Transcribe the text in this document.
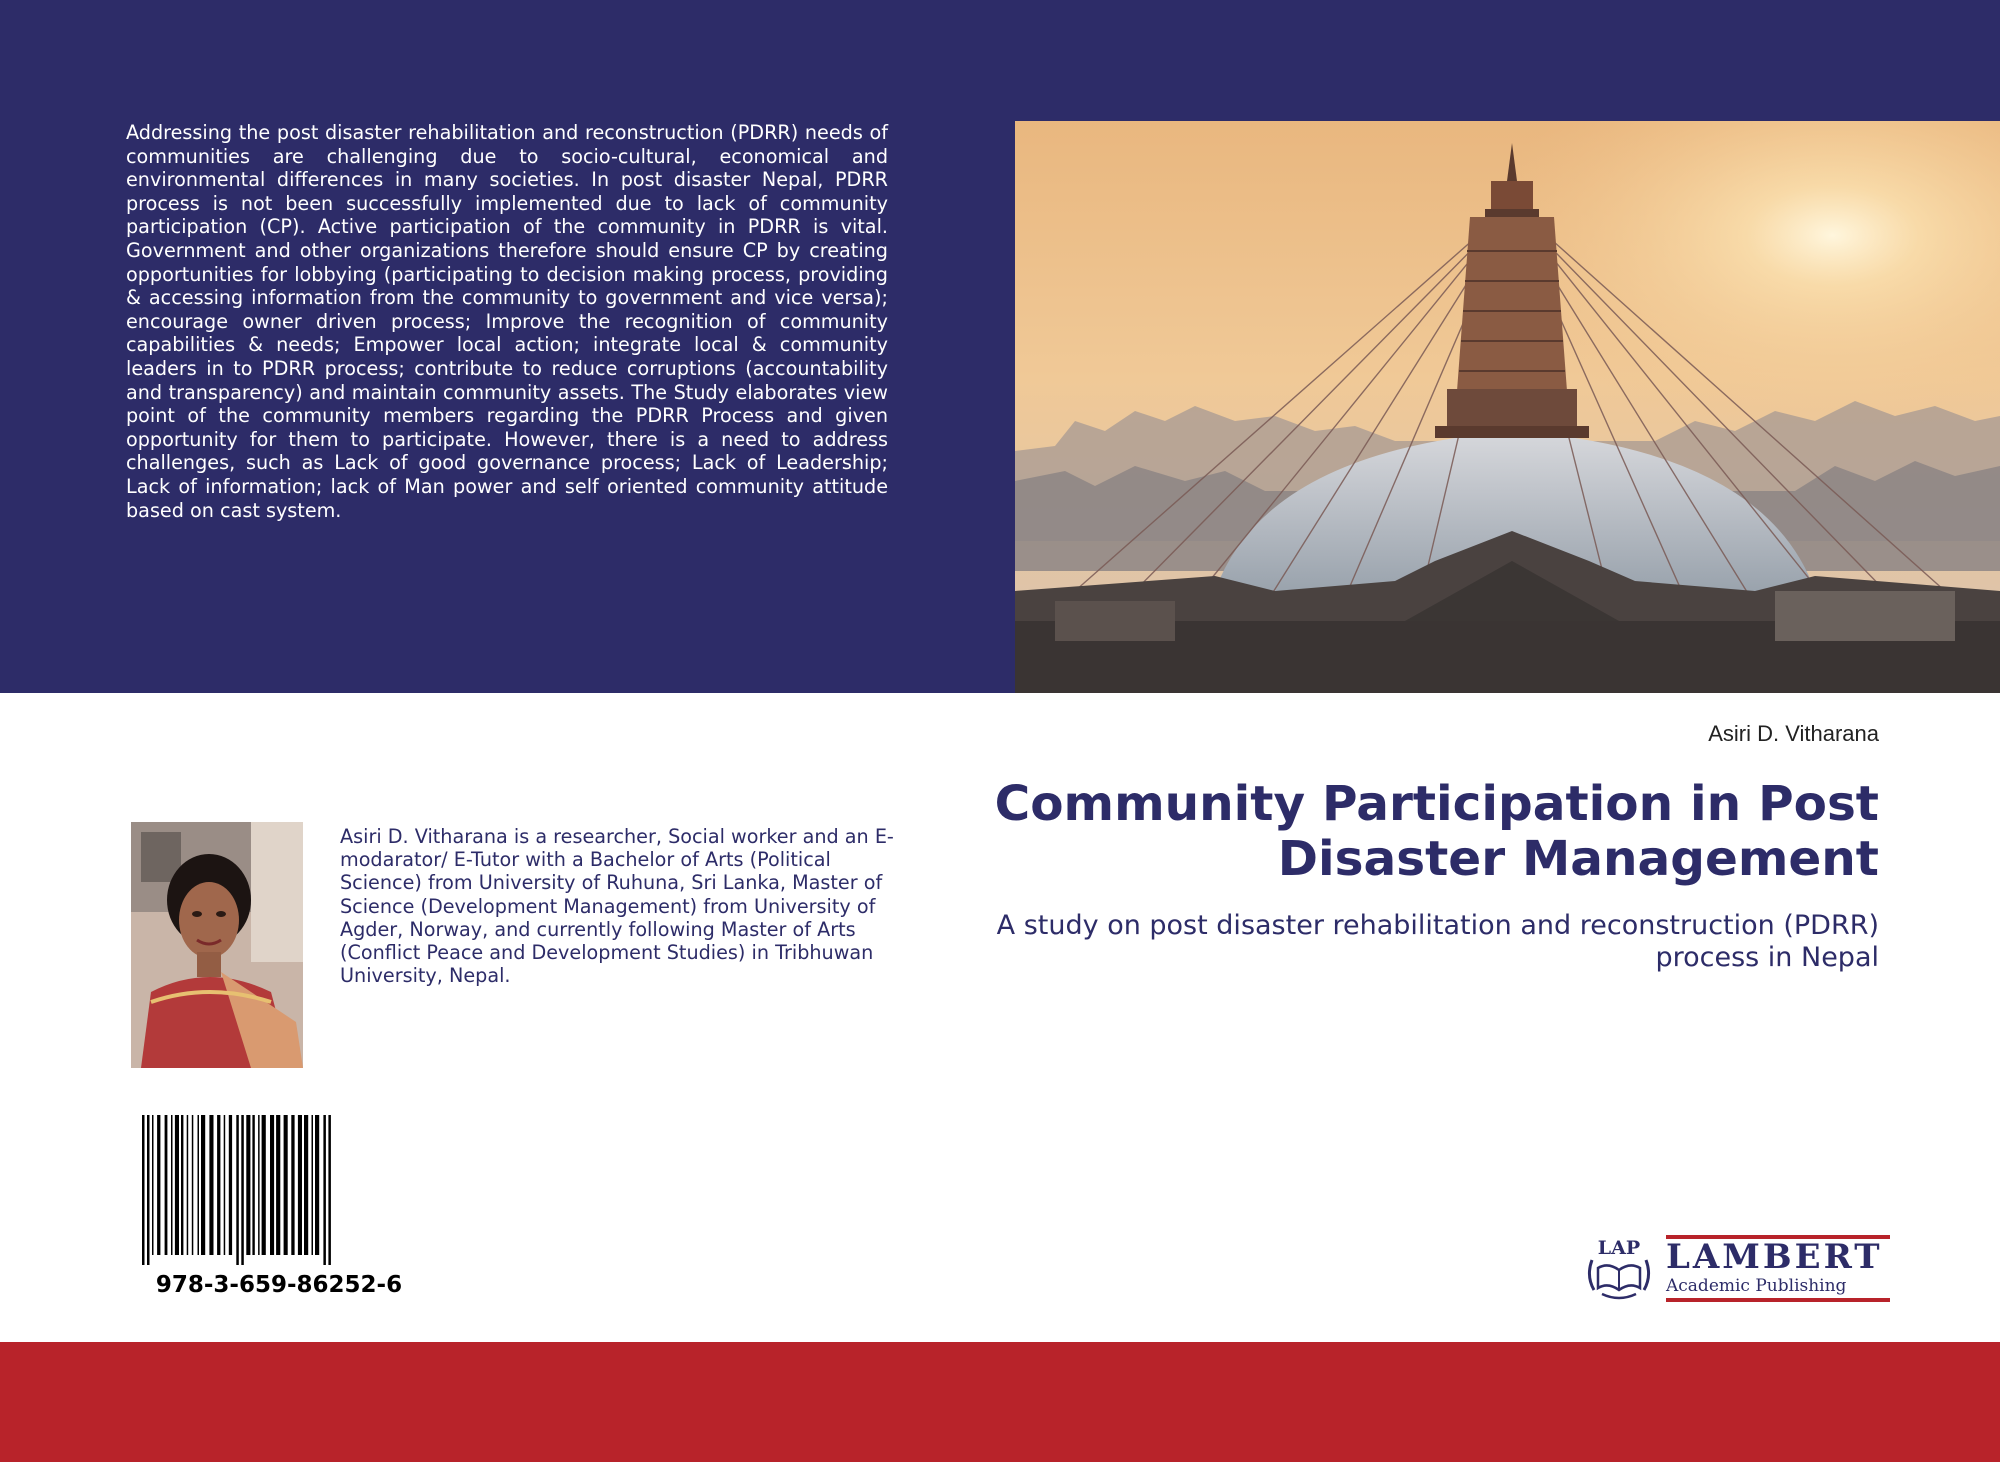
Addressing the post disaster rehabilitation and reconstruction (PDRR) needs of communities are challenging due to socio-cultural, economical and environmental differences in many societies. In post disaster Nepal, PDRR process is not been successfully implemented due to lack of community participation (CP). Active participation of the community in PDRR is vital. Government and other organizations therefore should ensure CP by creating opportunities for lobbying (participating to decision making process, providing & accessing information from the community to government and vice versa); encourage owner driven process; Improve the recognition of community capabilities & needs; Empower local action; integrate local & community leaders in to PDRR process; contribute to reduce corruptions (accountability and transparency) and maintain community assets. The Study elaborates view point of the community members regarding the PDRR Process and given opportunity for them to participate. However, there is a need to address challenges, such as Lack of good governance process; Lack of Leadership; Lack of information; lack of Man power and self oriented community attitude based on cast system.

Asiri D. Vitharana
Community Participation in Post Disaster Management

A study on post disaster rehabilitation and reconstruction (PDRR) process in Nepal

Asiri D. Vitharana is a researcher, Social worker and an E-modarator/ E-Tutor with a Bachelor of Arts (Political Science) from University of Ruhuna, Sri Lanka, Master of Science (Development Management) from University of Agder, Norway, and currently following Master of Arts (Conflict Peace and Development Studies) in Tribhuwan University, Nepal.

978-3-659-86252-6
LAP LAMBERT
Academic Publishing
